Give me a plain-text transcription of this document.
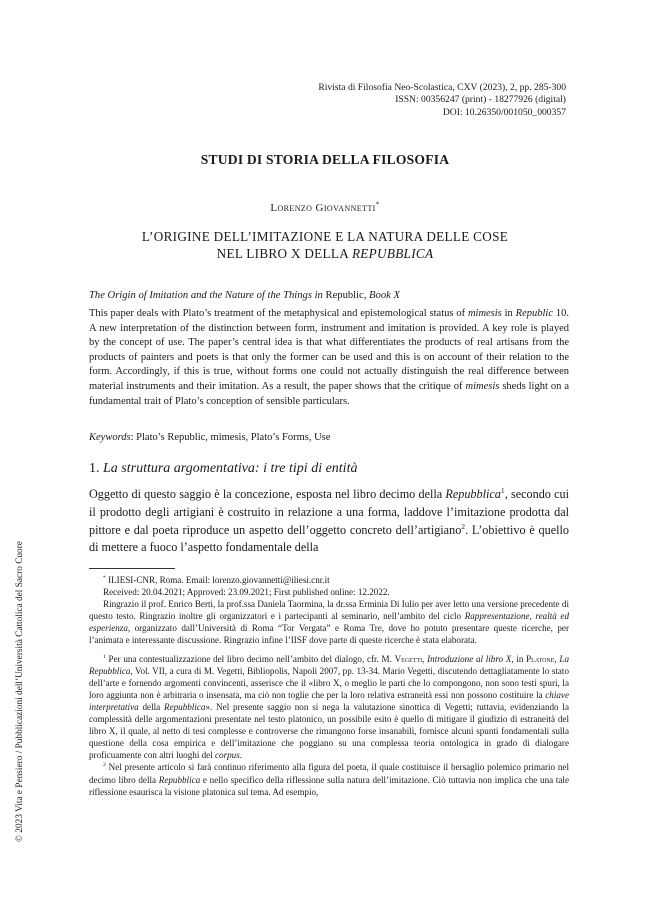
Rivista di Filosofia Neo-Scolastica, CXV (2023), 2, pp. 285-300
ISSN: 00356247 (print) - 18277926 (digital)
DOI: 10.26350/001050_000357
STUDI DI STORIA DELLA FILOSOFIA
Lorenzo Giovannetti*
L’ORIGINE DELL’IMITAZIONE E LA NATURA DELLE COSE
NEL LIBRO X DELLA REPUBBLICA
The Origin of Imitation and the Nature of the Things in Republic, Book X

This paper deals with Plato’s treatment of the metaphysical and epistemological status of mimesis in Republic 10. A new interpretation of the distinction between form, instrument and imitation is provided. A key role is played by the concept of use. The paper’s central idea is that what differentiates the products of real artisans from the products of painters and poets is that only the former can be used and this is on account of their relation to the form. Accordingly, if this is true, without forms one could not actually distinguish the real difference between material instruments and their imitation. As a result, the paper shows that the critique of mimesis sheds light on a fundamental trait of Plato’s conception of sensible particulars.

Keywords: Plato’s Republic, mimesis, Plato’s Forms, Use
1. La struttura argomentativa: i tre tipi di entità

Oggetto di questo saggio è la concezione, esposta nel libro decimo della Repubblica$^1$, secondo cui il prodotto degli artigiani è costruito in relazione a una forma, laddove l’imitazione prodotta dal pittore e dal poeta riproduce un aspetto dell’oggetto concreto dell’artigiano$^2$. L’obiettivo è quello di mettere a fuoco l’aspetto fondamentale della

* ILIESI-CNR, Roma. Email: lorenzo.giovannetti@iliesi.cnr.it

Received: 20.04.2021; Approved: 23.09.2021; First published online: 12.2022.

Ringrazio il prof. Enrico Berti, la prof.ssa Daniela Taormina, la dr.ssa Erminia Di Iulio per aver letto una versione precedente di questo testo. Ringrazio inoltre gli organizzatori e i partecipanti al seminario, nell’ambito del ciclo Rappresentazione, realtà ed esperienza, organizzato dall’Università di Roma “Tor Vergata” e Roma Tre, dove ho potuto presentare queste ricerche, per l’animata e interessante discussione. Ringrazio infine l’IISF dove parte di queste ricerche è stata elaborata.

$^1$ Per una contestualizzazione del libro decimo nell’ambito del dialogo, cfr. M. Vegetti, Introduzione al libro X, in Platone, La Repubblica, Vol. VII, a cura di M. Vegetti, Bibliopolis, Napoli 2007, pp. 13-34. Mario Vegetti, discutendo dettagliatamente lo stato dell’arte e fornendo argomenti convincenti, asserisce che il «libro X, o meglio le parti che lo compongono, non sono testi spuri, la loro aggiunta non è arbitraria o insensata, ma ciò non toglie che per la loro relativa estraneità essi non possono costituire la chiave interpretativa della Repubblica». Nel presente saggio non si nega la valutazione sinottica di Vegetti; tuttavia, evidenziando la complessità delle argomentazioni presentate nel testo platonico, un possibile esito è quello di mitigare il giudizio di estraneità del libro X, il quale, al netto di tesi complesse e controverse che rimangono forse insanabili, fornisce alcuni spunti fondamentali sulla questione della cosa empirica e dell’imitazione che poggiano su una complessa teoria ontologica in grado di dialogare proficuamente con altri luoghi del corpus.

$^2$ Nel presente articolo si farà continuo riferimento alla figura del poeta, il quale costituisce il bersaglio polemico primario nel decimo libro della Repubblica e nello specifico della riflessione sulla natura dell’imitazione. Ciò tuttavia non implica che una tale riflessione esaurisca la visione platonica sul tema. Ad esempio,

© 2023 Vita e Pensiero / Pubblicazioni dell’Università Cattolica del Sacro Cuore
